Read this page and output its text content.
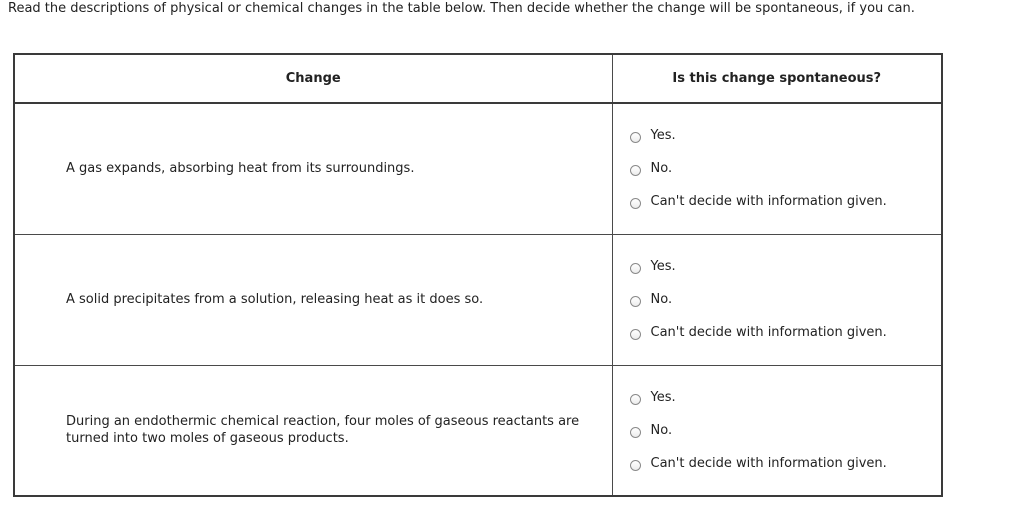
Read the descriptions of physical or chemical changes in the table below. Then decide whether the change will be spontaneous, if you can.
Change	Is this change spontaneous?
A gas expands, absorbing heat from its surroundings.	Yes.
No.
Can't decide with information given.

A solid precipitates from a solution, releasing heat as it does so.	Yes.
No.
Can't decide with information given.

During an endothermic chemical reaction, four moles of gaseous reactants are turned into two moles of gaseous products.	Yes.
No.
Can't decide with information given.
